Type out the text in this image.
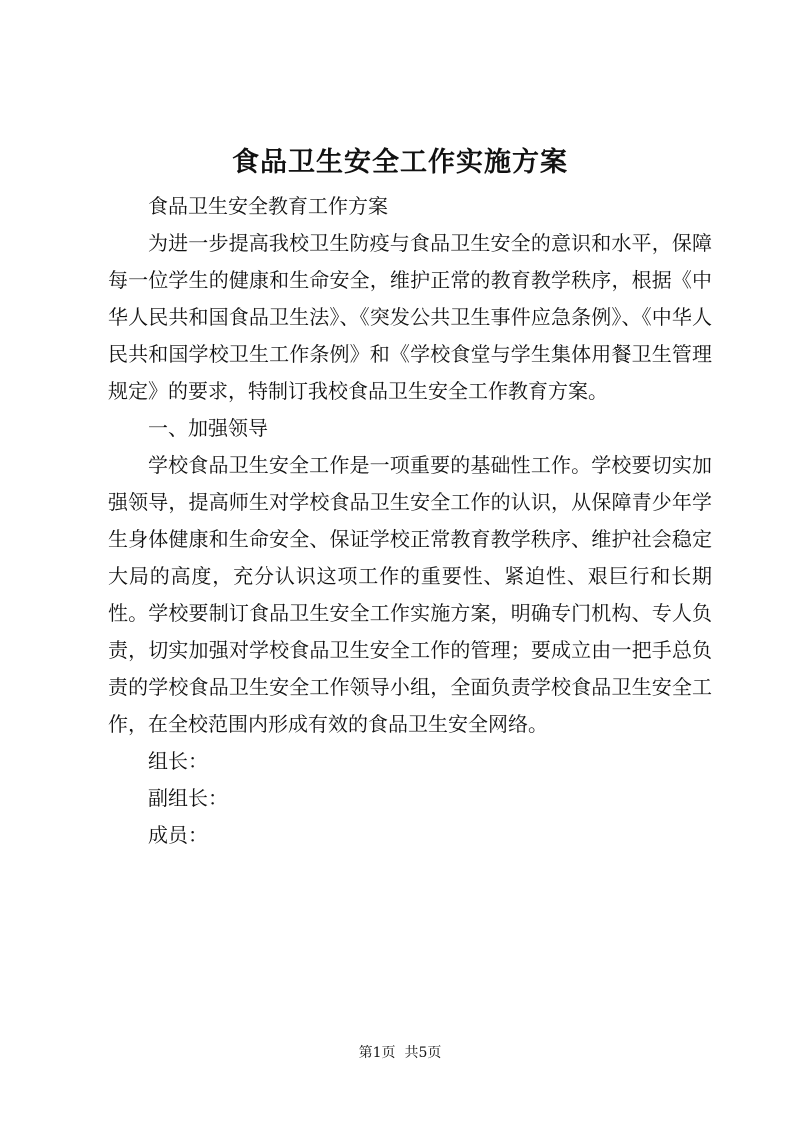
食品卫生安全工作实施方案

食品卫生安全教育工作方案

为进一步提高我校卫生防疫与食品卫生安全的意识和水平，保障每一位学生的健康和生命安全，维护正常的教育教学秩序，根据《中华人民共和国食品卫生法》、《突发公共卫生事件应急条例》、《中华人民共和国学校卫生工作条例》和《学校食堂与学生集体用餐卫生管理规定》的要求，特制订我校食品卫生安全工作教育方案。

一、加强领导

学校食品卫生安全工作是一项重要的基础性工作。学校要切实加强领导，提高师生对学校食品卫生安全工作的认识，从保障青少年学生身体健康和生命安全、保证学校正常教育教学秩序、维护社会稳定大局的高度，充分认识这项工作的重要性、紧迫性、艰巨行和长期性。学校要制订食品卫生安全工作实施方案，明确专门机构、专人负责，切实加强对学校食品卫生安全工作的管理；要成立由一把手总负责的学校食品卫生安全工作领导小组，全面负责学校食品卫生安全工作，在全校范围内形成有效的食品卫生安全网络。

组长：

副组长：

成员：

第1页  共5页
